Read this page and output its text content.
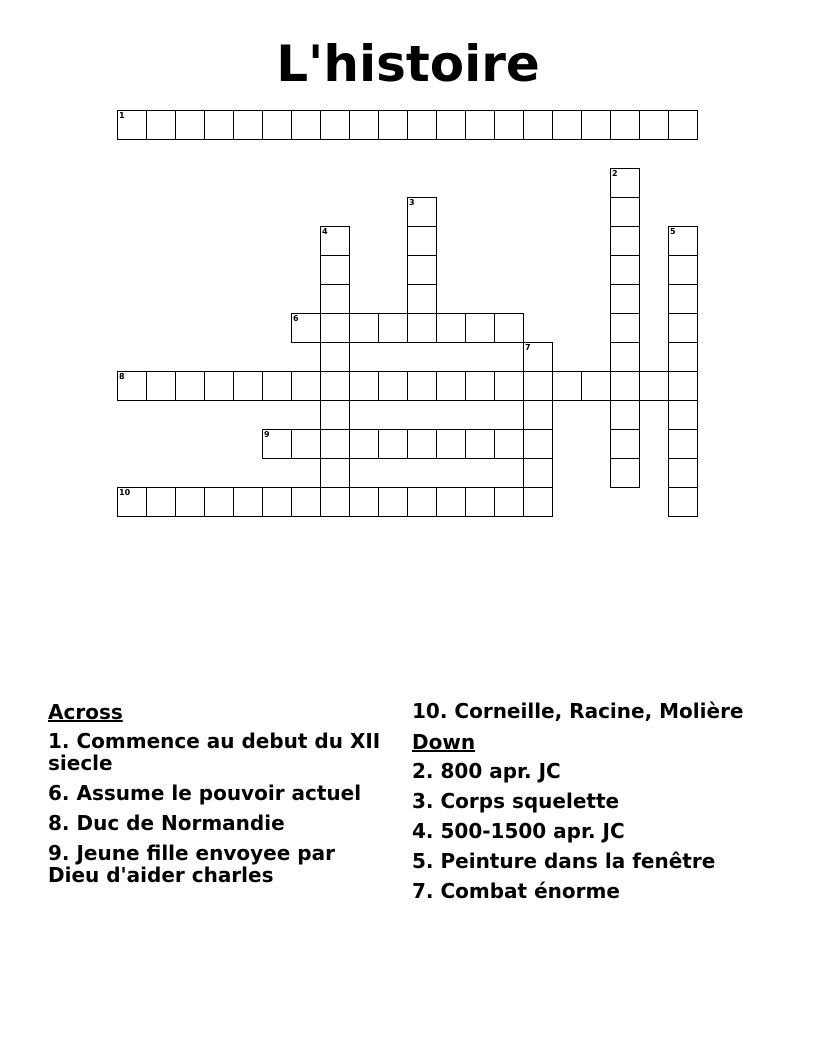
L'histoire
1
6
8
9
10
2
3
4	5
7
Across
1. Commence au debut du XII siecle
6. Assume le pouvoir actuel
8. Duc de Normandie
9. Jeune fille envoyee par Dieu d'aider charles
10. Corneille, Racine, Molière
Down
2. 800 apr. JC
3. Corps squelette
4. 500-1500 apr. JC
5. Peinture dans la fenêtre
7. Combat énorme
